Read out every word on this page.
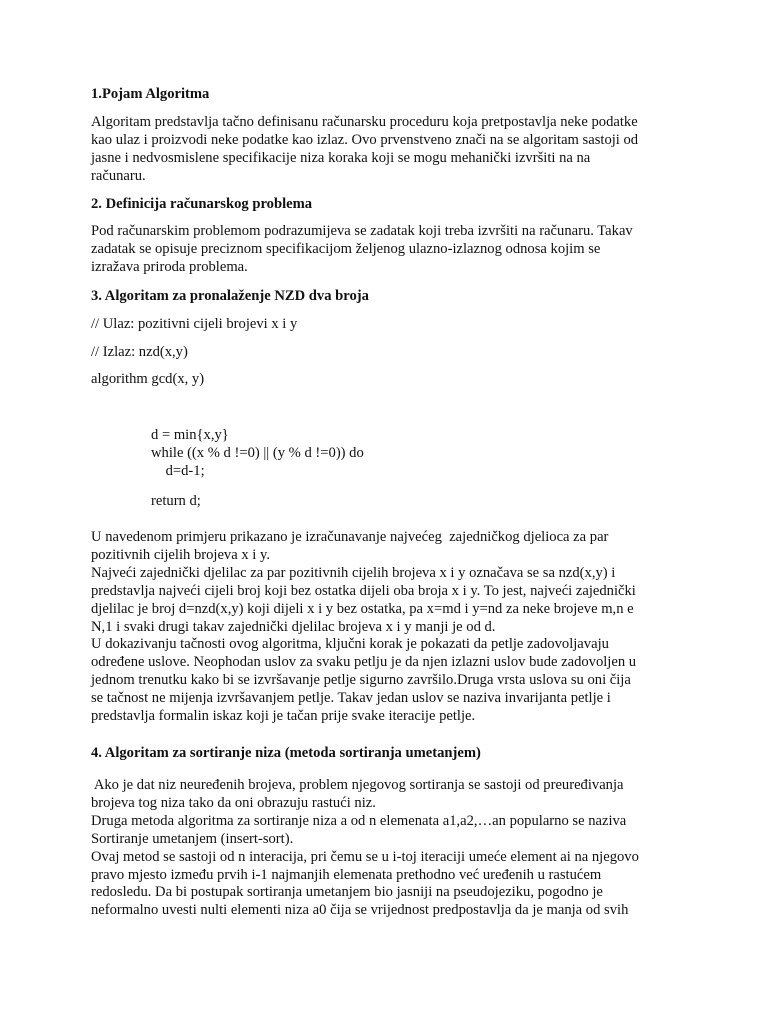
1.Pojam Algoritma
Algoritam predstavlja tačno definisanu računarsku proceduru koja pretpostavlja neke podatke
kao ulaz i proizvodi neke podatke kao izlaz. Ovo prvenstveno znači na se algoritam sastoji od
jasne i nedvosmislene specifikacije niza koraka koji se mogu mehanički izvršiti na na
računaru.
2. Definicija računarskog problema
Pod računarskim problemom podrazumijeva se zadatak koji treba izvršiti na računaru. Takav
zadatak se opisuje preciznom specifikacijom željenog ulazno-izlaznog odnosa kojim se
izražava priroda problema.
3. Algoritam za pronalaženje NZD dva broja
// Ulaz: pozitivni cijeli brojevi x i y
// Izlaz: nzd(x,y)
algorithm gcd(x, y)
d = min{x,y}
while ((x % d !=0) || (y % d !=0)) do
d=d-1;
return d;
U navedenom primjeru prikazano je izračunavanje najvećeg  zajedničkog djelioca za par
pozitivnih cijelih brojeva x i y.
Najveći zajednički djelilac za par pozitivnih cijelih brojeva x i y označava se sa nzd(x,y) i
predstavlja najveći cijeli broj koji bez ostatka dijeli oba broja x i y. To jest, najveći zajednički
djelilac je broj d=nzd(x,y) koji dijeli x i y bez ostatka, pa x=md i y=nd za neke brojeve m,n e
N,1 i svaki drugi takav zajednički djelilac brojeva x i y manji je od d.
U dokazivanju tačnosti ovog algoritma, ključni korak je pokazati da petlje zadovoljavaju
određene uslove. Neophodan uslov za svaku petlju je da njen izlazni uslov bude zadovoljen u
jednom trenutku kako bi se izvršavanje petlje sigurno završilo.Druga vrsta uslova su oni čija
se tačnost ne mijenja izvršavanjem petlje. Takav jedan uslov se naziva invarijanta petlje i
predstavlja formalin iskaz koji je tačan prije svake iteracije petlje.
4. Algoritam za sortiranje niza (metoda sortiranja umetanjem)
Ako je dat niz neuređenih brojeva, problem njegovog sortiranja se sastoji od preuređivanja
brojeva tog niza tako da oni obrazuju rastući niz.
Druga metoda algoritma za sortiranje niza a od n elemenata a1,a2,…an popularno se naziva
Sortiranje umetanjem (insert-sort).
Ovaj metod se sastoji od n interacija, pri čemu se u i-toj iteraciji umeće element ai na njegovo
pravo mjesto između prvih i-1 najmanjih elemenata prethodno već uređenih u rastućem
redosledu. Da bi postupak sortiranja umetanjem bio jasniji na pseudojeziku, pogodno je
neformalno uvesti nulti elementi niza a0 čija se vrijednost predpostavlja da je manja od svih
